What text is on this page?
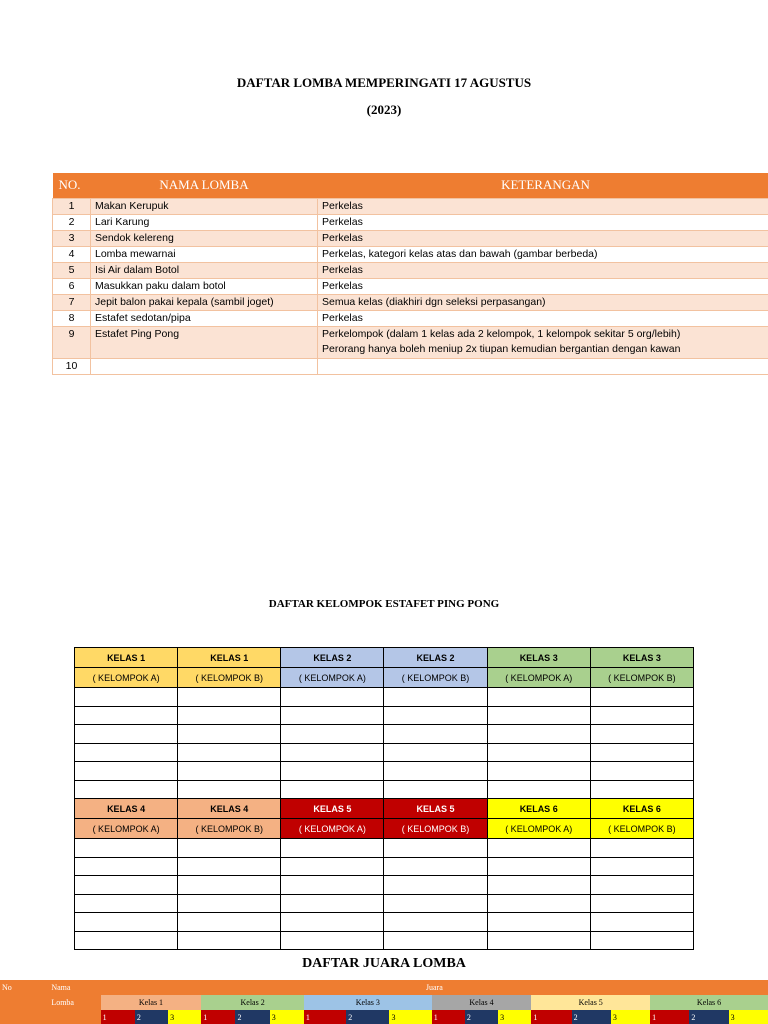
DAFTAR LOMBA MEMPERINGATI 17 AGUSTUS
(2023)
NO.	NAMA LOMBA	KETERANGAN
1	Makan Kerupuk	Perkelas
2	Lari Karung	Perkelas
3	Sendok kelereng	Perkelas
4	Lomba mewarnai	Perkelas, kategori kelas atas dan bawah (gambar berbeda)
5	Isi Air dalam Botol	Perkelas
6	Masukkan paku dalam botol	Perkelas
7	Jepit balon pakai kepala (sambil joget)	Semua kelas (diakhiri dgn seleksi perpasangan)
8	Estafet sedotan/pipa	Perkelas
9	Estafet Ping Pong	Perkelompok (dalam 1 kelas ada 2 kelompok, 1 kelompok sekitar 5 org/lebih)
Perorang hanya boleh meniup 2x tiupan kemudian bergantian dengan kawan

10		
DAFTAR KELOMPOK ESTAFET PING PONG
KELAS 1	KELAS 1	KELAS 2	KELAS 2	KELAS 3	KELAS 3
( KELOMPOK A)	( KELOMPOK B)	( KELOMPOK A)	( KELOMPOK B)	( KELOMPOK A)	( KELOMPOK B)

KELAS 4	KELAS 4	KELAS 5	KELAS 5	KELAS 6	KELAS 6
( KELOMPOK A)	( KELOMPOK B)	( KELOMPOK A)	( KELOMPOK B)	( KELOMPOK A)	( KELOMPOK B)

DAFTAR JUARA LOMBA
No	Nama	Juara																	
	Lomba	Kelas 1			Kelas 2			Kelas 3			Kelas 4			Kelas 5			Kelas 6		
		1	2	3	1	2	3	1	2	3	1	2	3	1	2	3	1	2	3
